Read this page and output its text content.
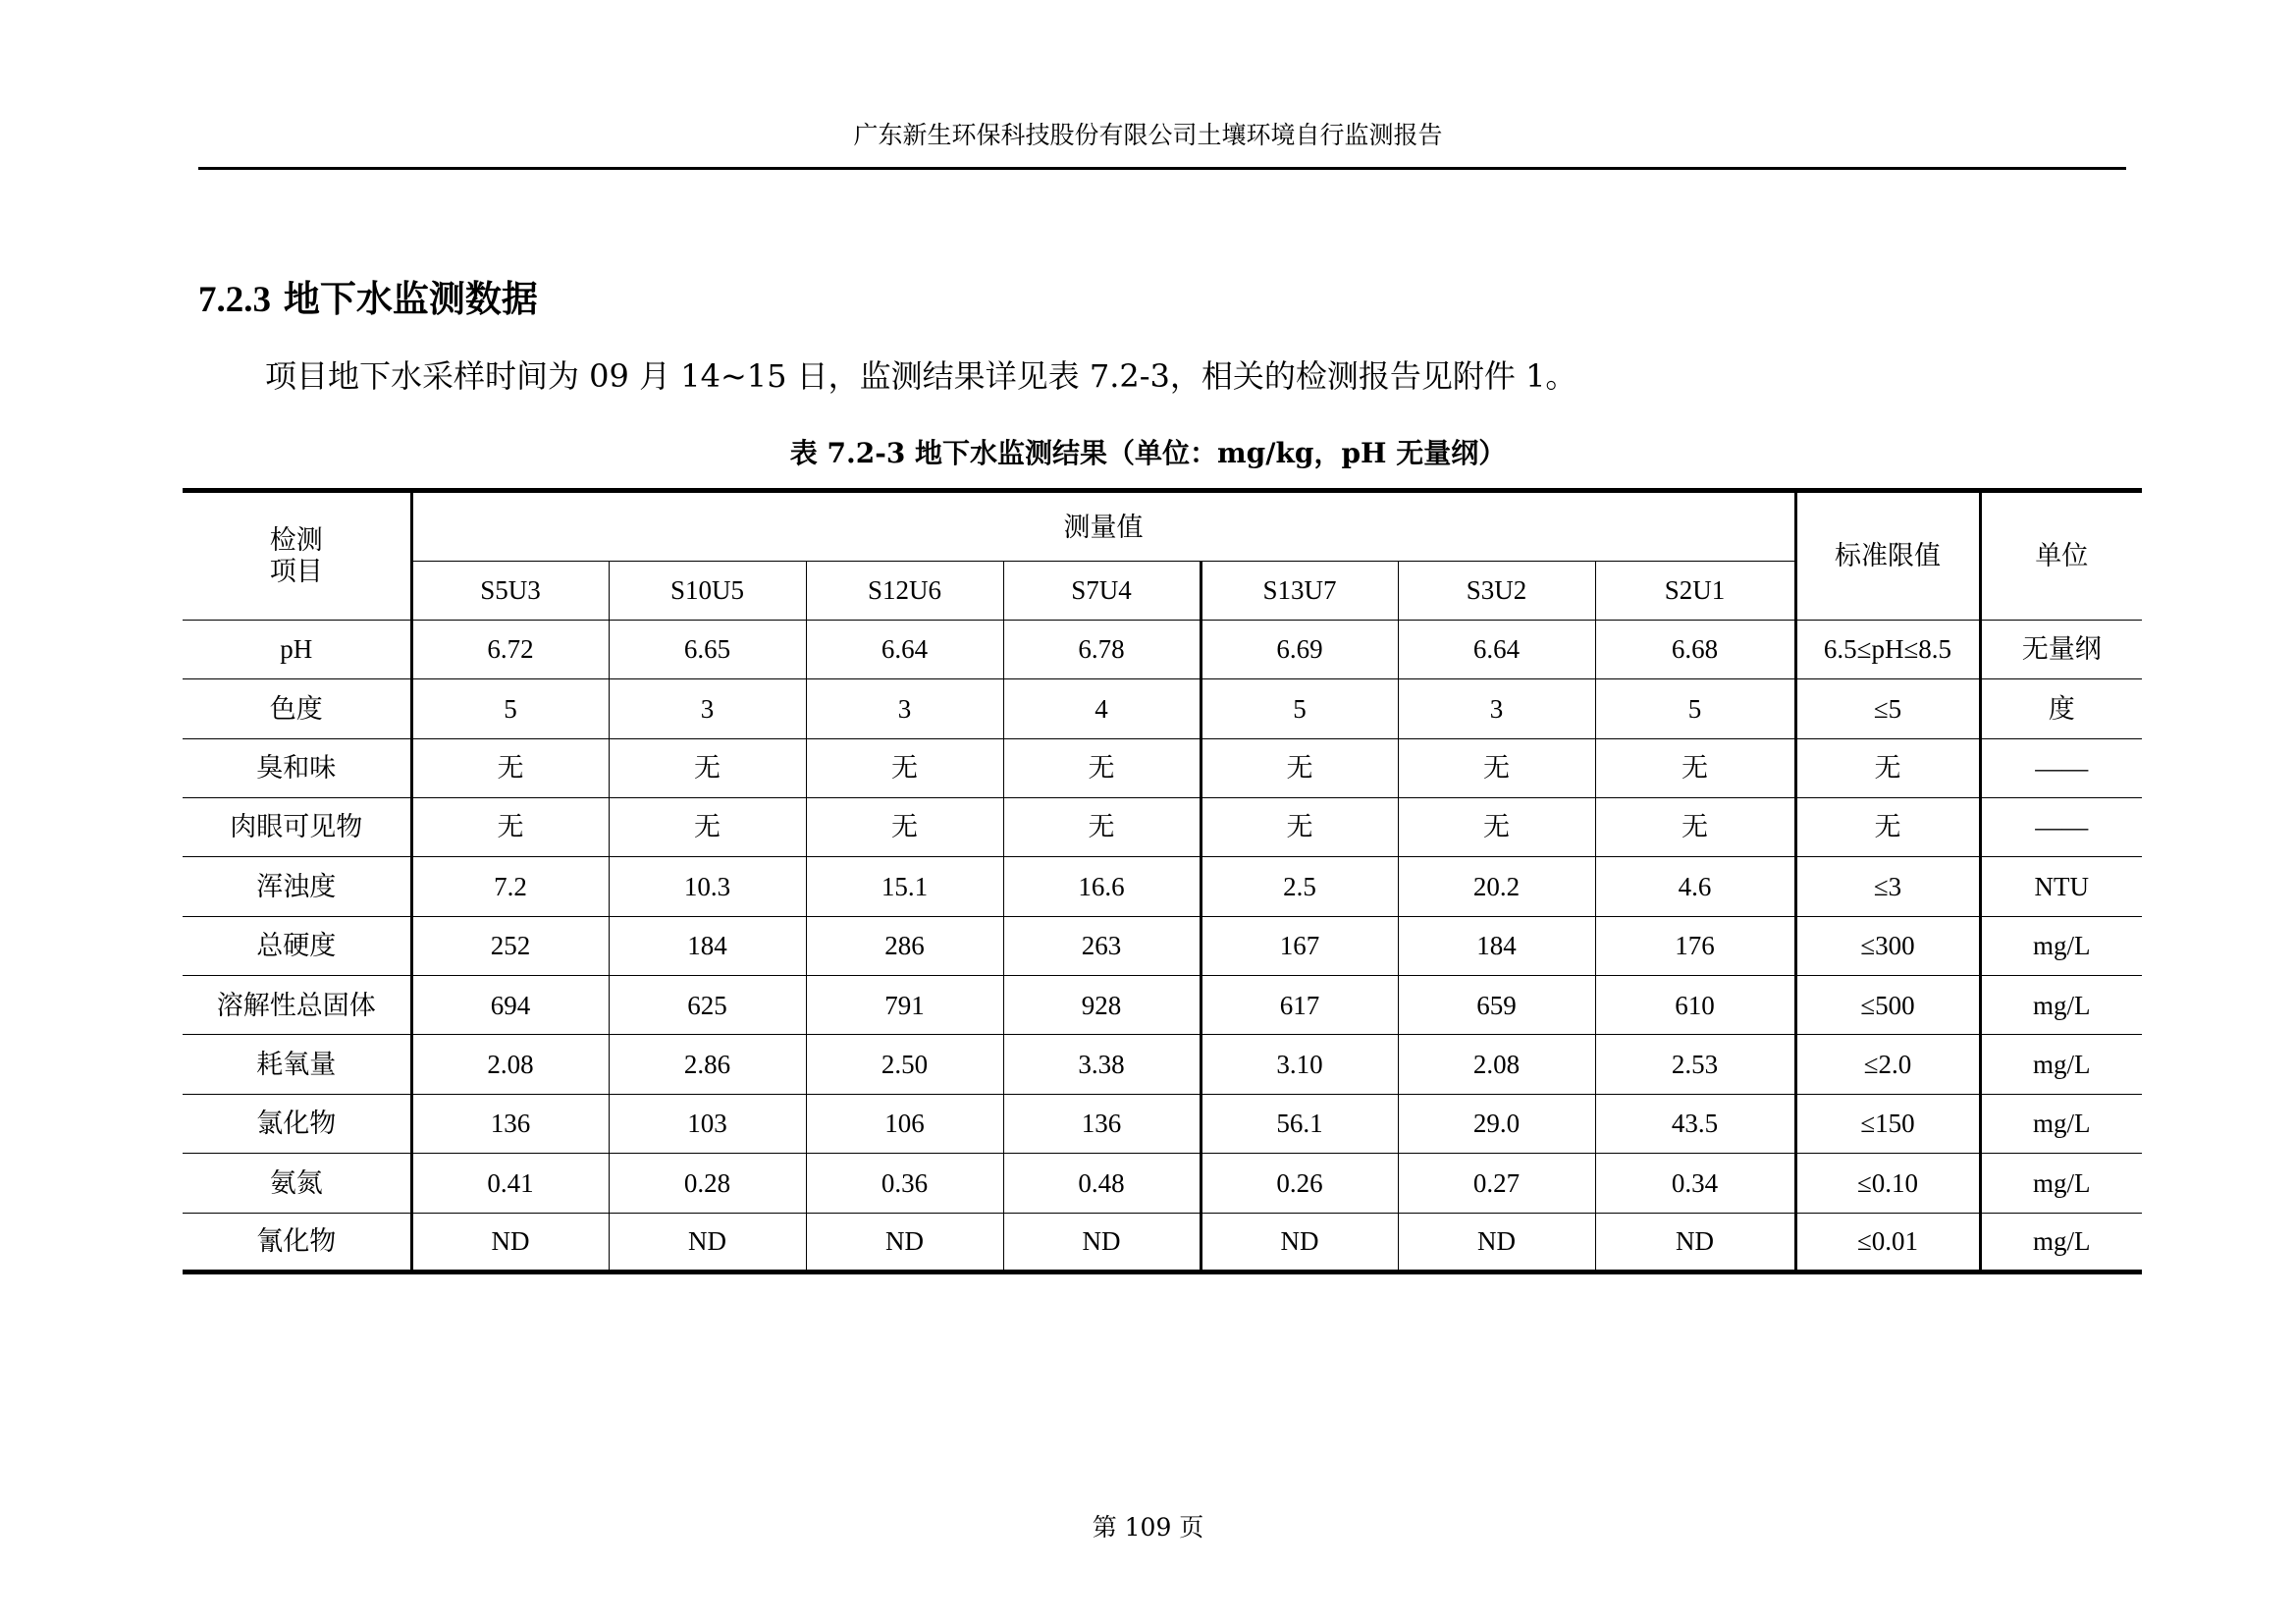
广东新生环保科技股份有限公司土壤环境自行监测报告
7.2.3 地下水监测数据
项目地下水采样时间为 09 月 14~15 日，监测结果详见表 7.2-3，相关的检测报告见附件 1。
表 7.2-3 地下水监测结果（单位：mg/kg，pH 无量纲）
检测
项目	测量值							标准限值	单位
	S5U3	S10U5	S12U6	S7U4	S13U7	S3U2	S2U1		
pH	6.72	6.65	6.64	6.78	6.69	6.64	6.68	6.5≤pH≤8.5	无量纲
色度	5	3	3	4	5	3	5	≤5	度
臭和味	无	无	无	无	无	无	无	无	——
肉眼可见物	无	无	无	无	无	无	无	无	——
浑浊度	7.2	10.3	15.1	16.6	2.5	20.2	4.6	≤3	NTU
总硬度	252	184	286	263	167	184	176	≤300	mg/L
溶解性总固体	694	625	791	928	617	659	610	≤500	mg/L
耗氧量	2.08	2.86	2.50	3.38	3.10	2.08	2.53	≤2.0	mg/L
氯化物	136	103	106	136	56.1	29.0	43.5	≤150	mg/L
氨氮	0.41	0.28	0.36	0.48	0.26	0.27	0.34	≤0.10	mg/L
氰化物	ND	ND	ND	ND	ND	ND	ND	≤0.01	mg/L
第 109 页
